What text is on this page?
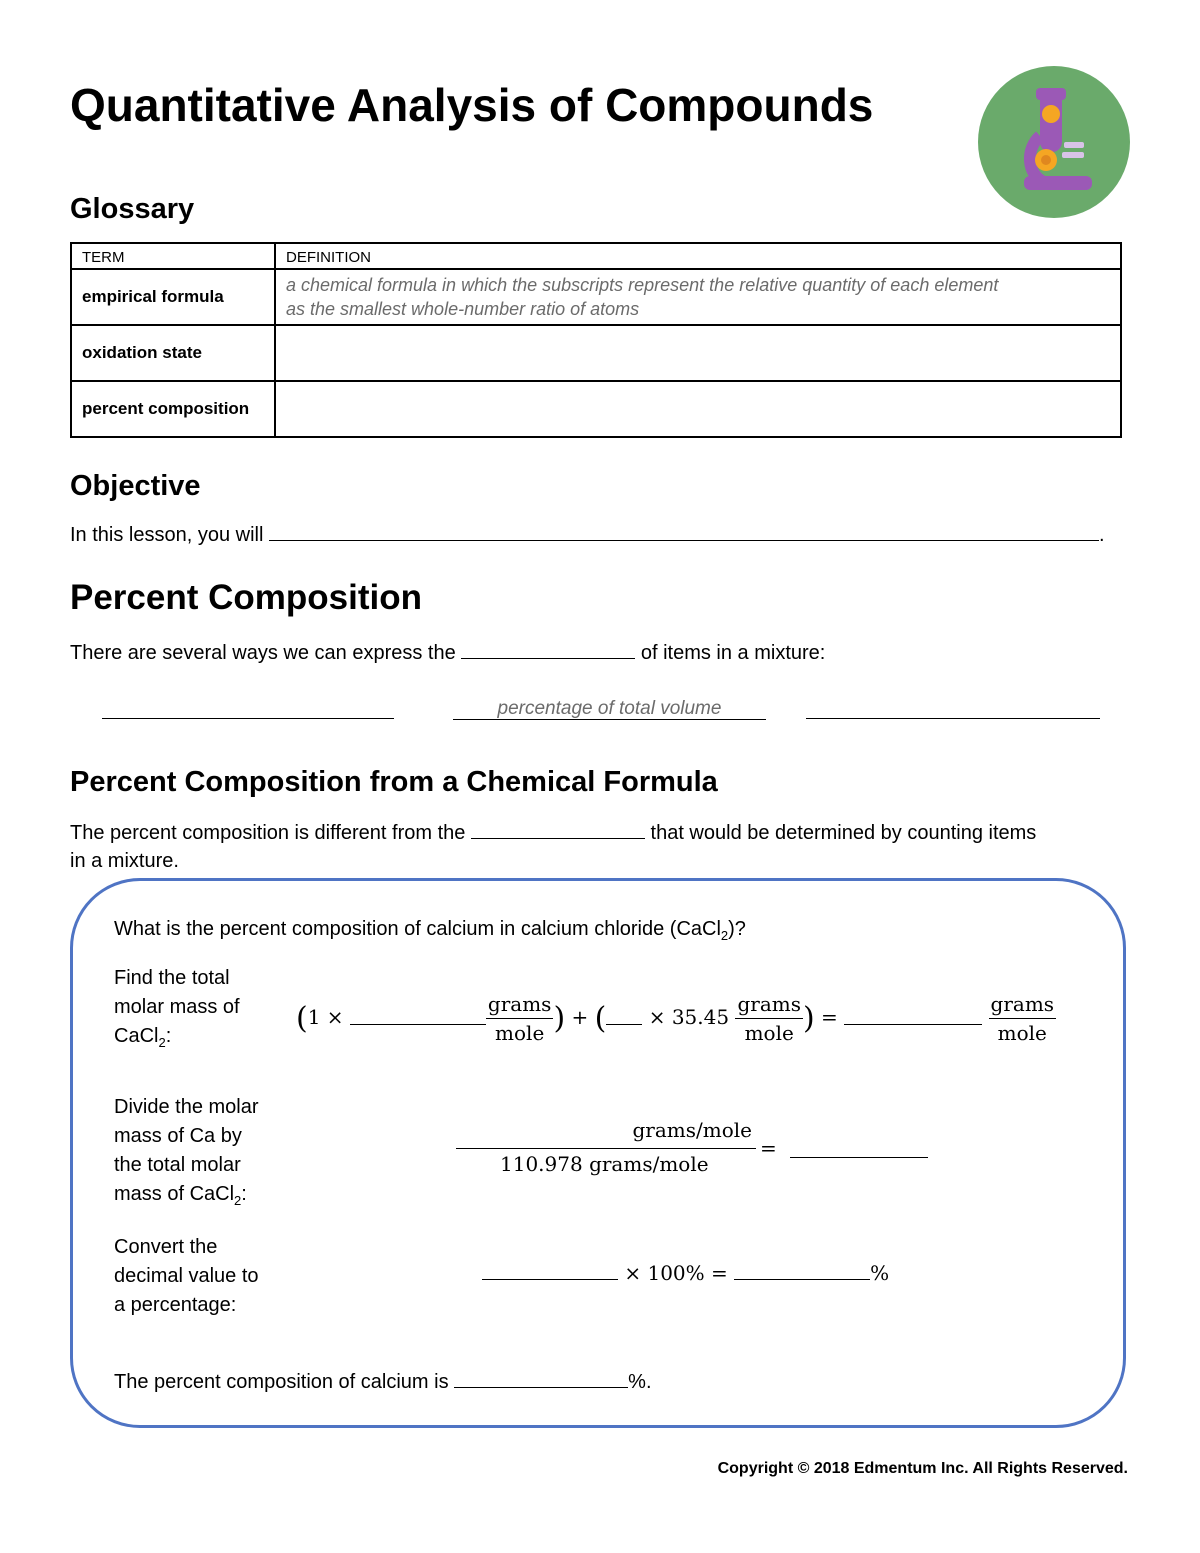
Quantitative Analysis of Compounds
Glossary
TERM	DEFINITION
empirical formula	a chemical formula in which the subscripts represent the relative quantity of each element
as the smallest whole-number ratio of atoms

oxidation state	
percent composition	
Objective
In this lesson, you will	.
Percent Composition
There are several ways we can express the	of items in a mixture:
percentage of total volume
Percent Composition from a Chemical Formula
The percent composition is different from the	that would be determined by counting items
in a mixture.
What is the percent composition of calcium in calcium chloride (CaCl$_2$)?
Find the total
molar mass of
CaCl$_2$:	(1 ×	$\frac{\text{grams}}{\text{mole}}$ ) + ( × $35.45 \frac{\text{grams}}{\text{mole}}$ ) =	$\frac{\text{grams}}{\text{mole}}$
Divide the molar
mass of Ca by
the total molar
mass of CaCl$_2$:
grams/mole
110.978 grams/mole
=
Convert the
decimal value to
a percentage:
× 100% =	%
The percent composition of calcium is	%.
Copyright © 2018 Edmentum Inc. All Rights Reserved.
